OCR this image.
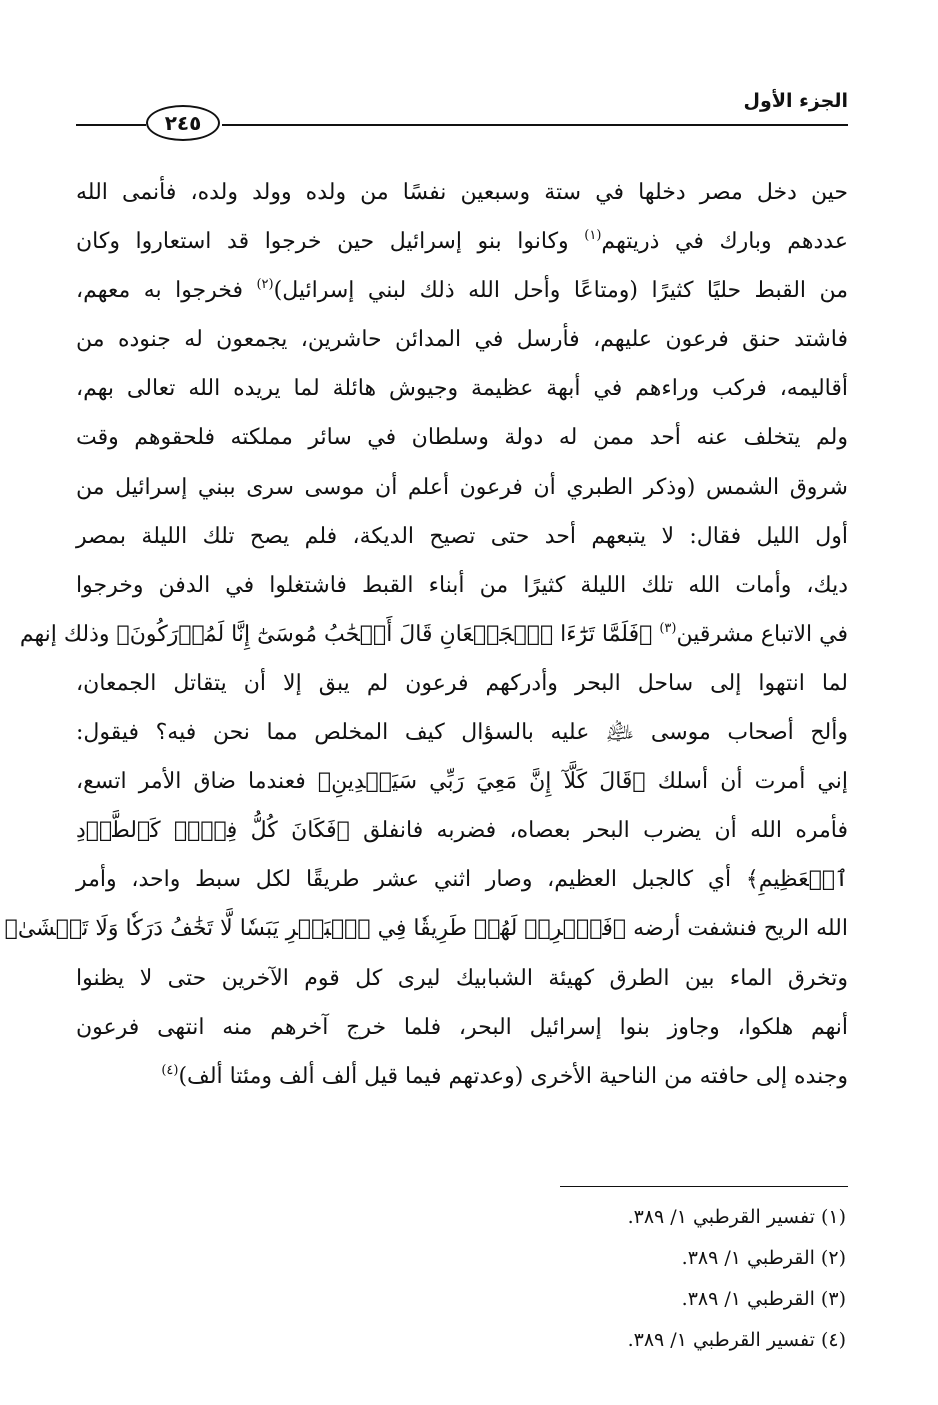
الجزء الأول
٢٤٥
حين دخل مصر دخلها في ستة وسبعين نفسًا من ولده وولد ولده، فأنمى الله
عددهم وبارك في ذريتهم$^{(١)}$ وكانوا بنو إسرائيل حين خرجوا قد استعاروا وكان
من القبط حليًا كثيرًا (ومتاعًا وأحل الله ذلك لبني إسرائيل)$^{(٢)}$ فخرجوا به معهم،
فاشتد حنق فرعون عليهم، فأرسل في المدائن حاشرين، يجمعون له جنوده من
أقاليمه، فركب وراءهم في أبهة عظيمة وجيوش هائلة لما يريده الله تعالى بهم،
ولم يتخلف عنه أحد ممن له دولة وسلطان في سائر مملكته فلحقوهم وقت
شروق الشمس (وذكر الطبري أن فرعون أعلم أن موسى سرى ببني إسرائيل من
أول الليل فقال: لا يتبعهم أحد حتى تصيح الديكة، فلم يصح تلك الليلة بمصر
ديك، وأمات الله تلك الليلة كثيرًا من أبناء القبط فاشتغلوا في الدفن وخرجوا
في الاتباع مشرقين$^{(٣)}$ ﴿فَلَمَّا تَرَٰٓءَا ٱلۡجَمۡعَانِ قَالَ أَصۡحَٰبُ مُوسَىٰٓ إِنَّا لَمُدۡرَكُونَ﴾ وذلك إنهم
لما انتهوا إلى ساحل البحر وأدركهم فرعون لم يبق إلا أن يتقاتل الجمعان،
وألح أصحاب موسى ﵇ عليه بالسؤال كيف المخلص مما نحن فيه؟ فيقول:
إني أمرت أن أسلك ﴿قَالَ كَلَّآ إِنَّ مَعِيَ رَبِّي سَيَهۡدِينِ﴾ فعندما ضاق الأمر اتسع،
فأمره الله أن يضرب البحر بعصاه، فضربه فانفلق ﴿فَكَانَ كُلُّ فِرۡقٖ كَٱلطَّوۡدِ
ٱلۡعَظِيمِ﴾ أي كالجبل العظيم، وصار اثني عشر طريقًا لكل سبط واحد، وأمر
الله الريح فنشفت أرضه ﴿فَٱضۡرِبۡ لَهُمۡ طَرِيقٗا فِي ٱلۡبَحۡرِ يَبَسٗا لَّا تَخَٰفُ دَرَكٗا وَلَا تَخۡشَىٰ﴾
وتخرق الماء بين الطرق كهيئة الشبابيك ليرى كل قوم الآخرين حتى لا يظنوا
أنهم هلكوا، وجاوز بنوا إسرائيل البحر، فلما خرج آخرهم منه انتهى فرعون
وجنده إلى حافته من الناحية الأخرى (وعدتهم فيما قيل ألف ألف ومئتا ألف)$^{(٤)}$
(١) تفسير القرطبي ١/ ٣٨٩.
(٢) القرطبي ١/ ٣٨٩.
(٣) القرطبي ١/ ٣٨٩.
(٤) تفسير القرطبي ١/ ٣٨٩.
